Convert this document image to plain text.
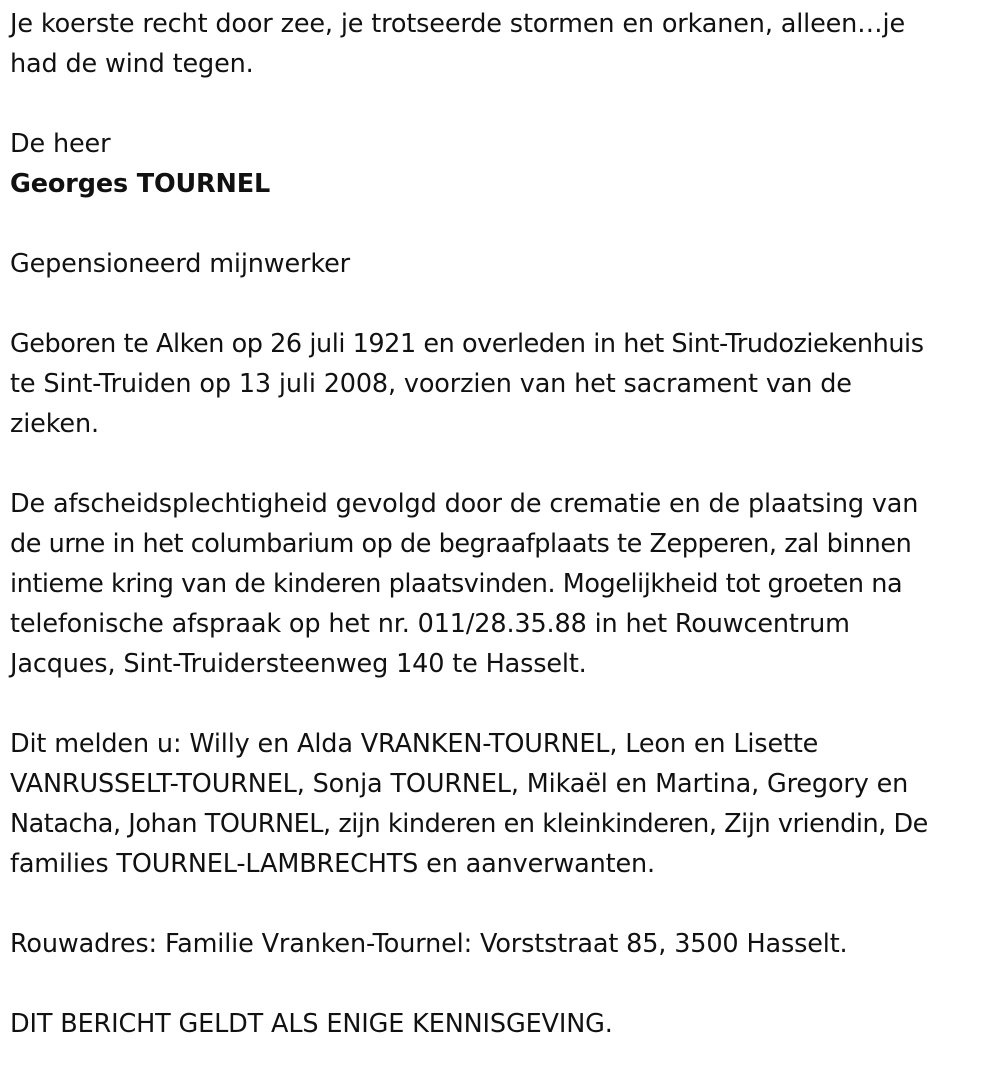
Je koerste recht door zee, je trotseerde stormen en orkanen, alleen…je
had de wind tegen.
De heer
Georges TOURNEL
Gepensioneerd mijnwerker
Geboren te Alken op 26 juli 1921 en overleden in het Sint-Trudoziekenhuis
te Sint-Truiden op 13 juli 2008, voorzien van het sacrament van de
zieken.
De afscheidsplechtigheid gevolgd door de crematie en de plaatsing van
de urne in het columbarium op de begraafplaats te Zepperen, zal binnen
intieme kring van de kinderen plaatsvinden. Mogelijkheid tot groeten na
telefonische afspraak op het nr. 011/28.35.88 in het Rouwcentrum
Jacques, Sint-Truidersteenweg 140 te Hasselt.
Dit melden u: Willy en Alda VRANKEN-TOURNEL, Leon en Lisette
VANRUSSELT-TOURNEL, Sonja TOURNEL, Mikaël en Martina, Gregory en
Natacha, Johan TOURNEL, zijn kinderen en kleinkinderen, Zijn vriendin, De
families TOURNEL-LAMBRECHTS en aanverwanten.
Rouwadres: Familie Vranken-Tournel: Vorststraat 85, 3500 Hasselt.
DIT BERICHT GELDT ALS ENIGE KENNISGEVING.
